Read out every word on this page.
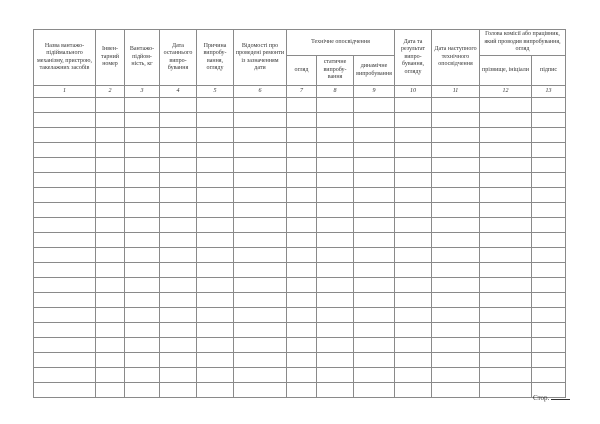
Назва вантажопідіймального механізму, пристрою, такелажних засобів	Інвентарний номер	Вантажопідйомність, кг	Дата останнього випробування	Причина випробування, огляду	Відомості про проведені ремонти із зазначенням дати	Технічне опосвідчення			Дата та результат випробування, огляду	Дата наступного технічного опосвідчення	Голова комісії або працівник, який проводив випробування, огляд	
						огляд	статичне випробування	динамічне випробування			прізвище, ініціали	підпис
1	2	3	4	5	6	7	8	9	10	11	12	13

Стор.
